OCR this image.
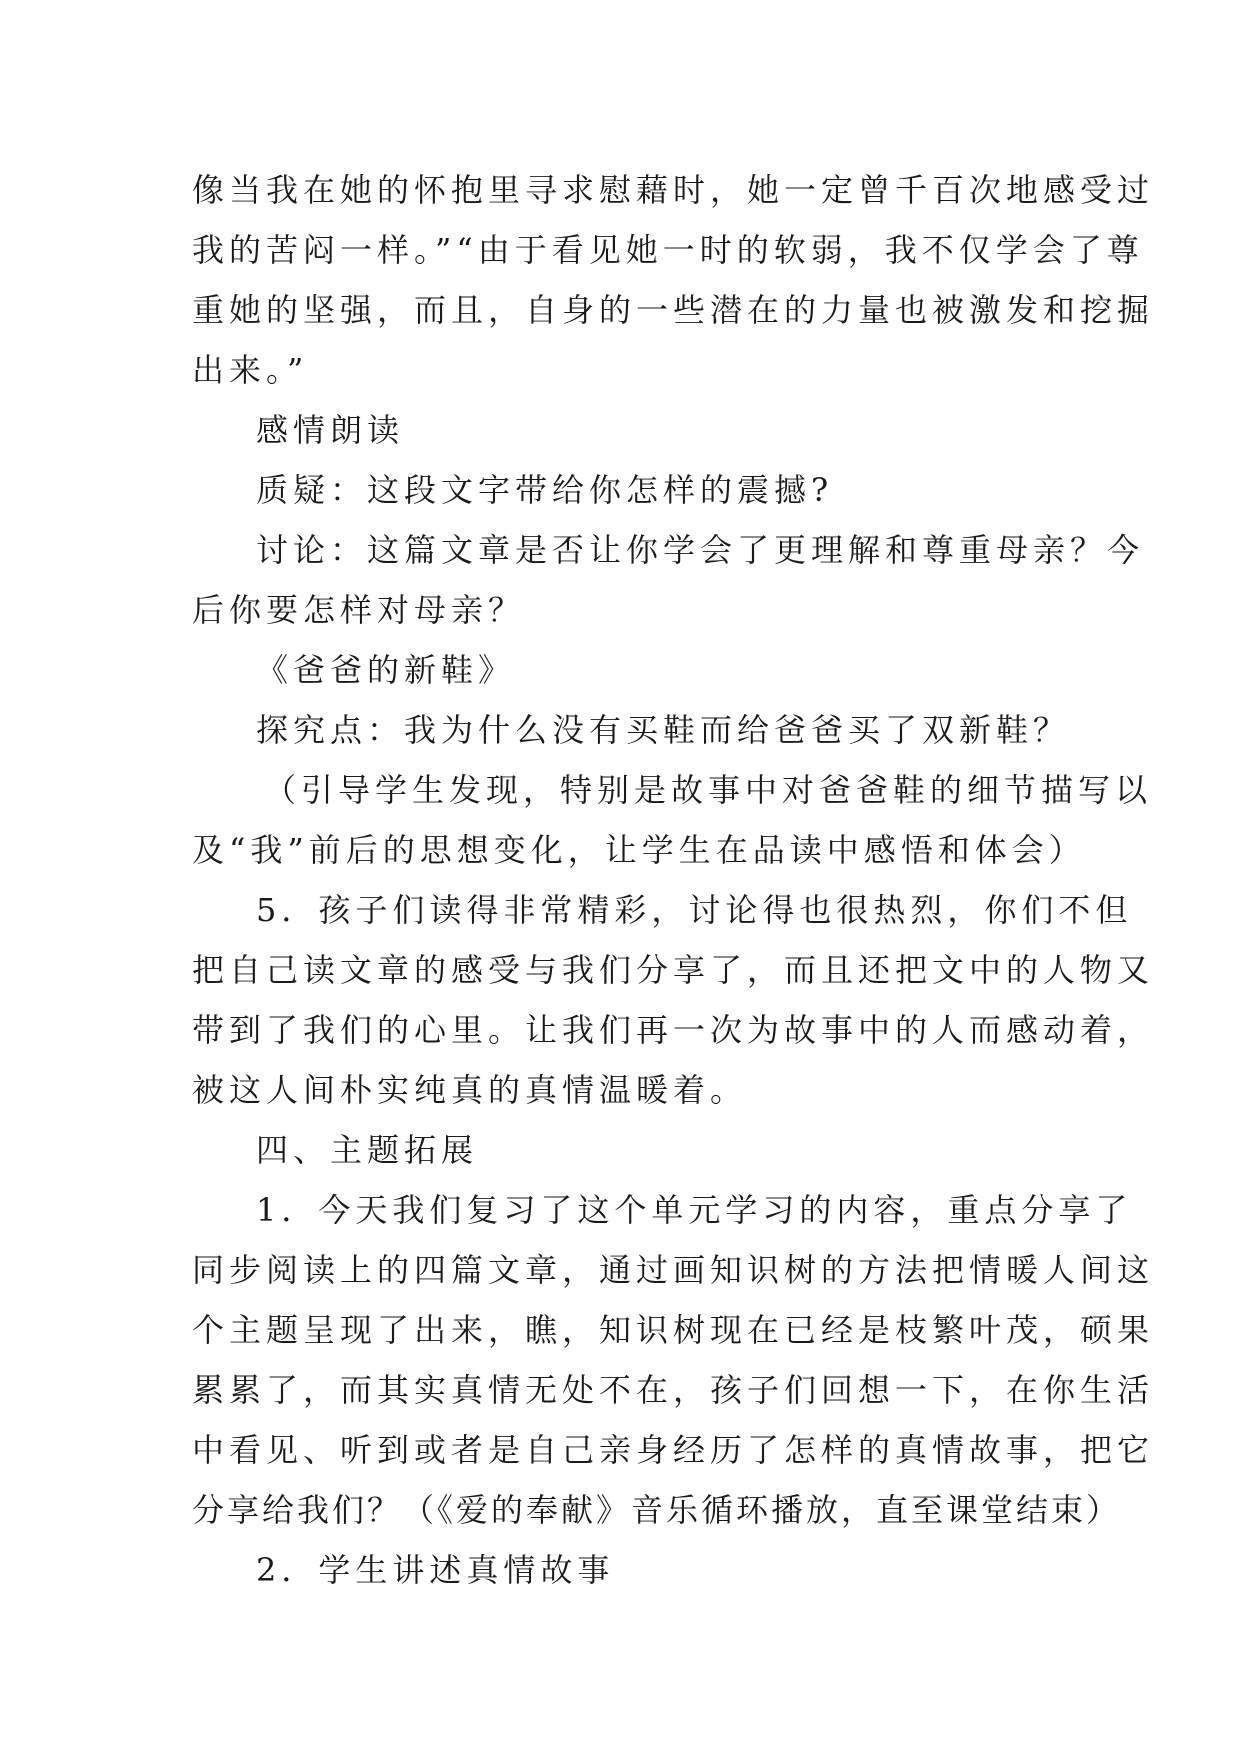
像当我在她的怀抱里寻求慰藉时，她一定曾千百次地感受过
我的苦闷一样。”“由于看见她一时的软弱，我不仅学会了尊
重她的坚强，而且，自身的一些潜在的力量也被激发和挖掘
出来。”

感情朗读

质疑：这段文字带给你怎样的震撼?

讨论：这篇文章是否让你学会了更理解和尊重母亲？今
后你要怎样对母亲？

《爸爸的新鞋》

探究点：我为什么没有买鞋而给爸爸买了双新鞋？

（引导学生发现，特别是故事中对爸爸鞋的细节描写以
及“我”前后的思想变化，让学生在品读中感悟和体会）

5．孩子们读得非常精彩，讨论得也很热烈，你们不但
把自己读文章的感受与我们分享了，而且还把文中的人物又
带到了我们的心里。让我们再一次为故事中的人而感动着，
被这人间朴实纯真的真情温暖着。

四、主题拓展

1．今天我们复习了这个单元学习的内容，重点分享了
同步阅读上的四篇文章，通过画知识树的方法把情暖人间这
个主题呈现了出来，瞧，知识树现在已经是枝繁叶茂，硕果
累累了，而其实真情无处不在，孩子们回想一下，在你生活
中看见、听到或者是自己亲身经历了怎样的真情故事，把它
分享给我们？（《爱的奉献》音乐循环播放，直至课堂结束）

2．学生讲述真情故事
